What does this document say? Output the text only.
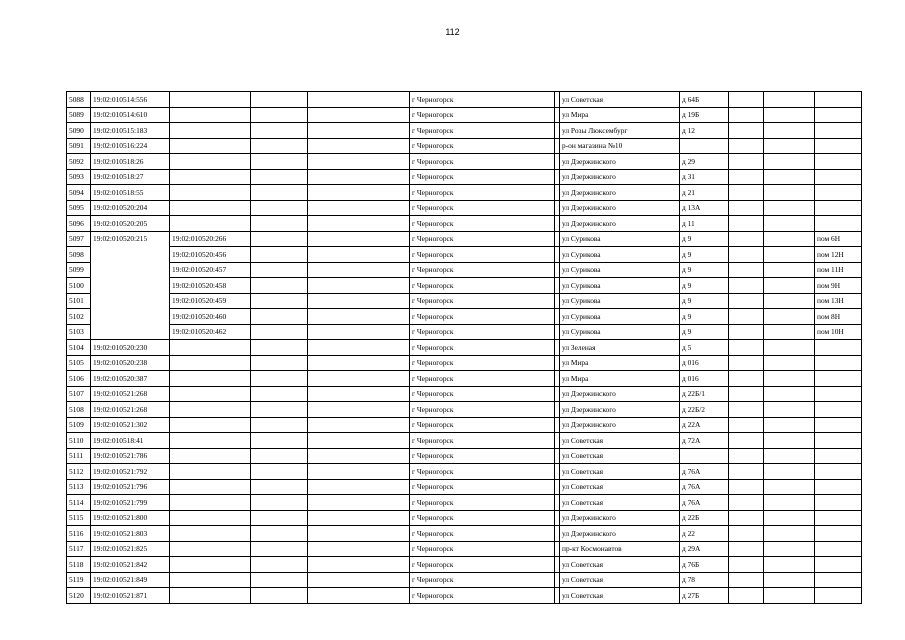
112
5088	19:02:010514:556				г Черногорск		ул Советская	д 64Б			
5089	19:02:010514:610				г Черногорск		ул Мира	д 19Б			
5090	19:02:010515:183				г Черногорск		ул Розы Люксембург	д 12			
5091	19:02:010516:224				г Черногорск		р-он магазина №10				
5092	19:02:010518:26				г Черногорск		ул Дзержинского	д 29			
5093	19:02:010518:27				г Черногорск		ул Дзержинского	д 31			
5094	19:02:010518:55				г Черногорск		ул Дзержинского	д 21			
5095	19:02:010520:204				г Черногорск		ул Дзержинского	д 13А			
5096	19:02:010520:205				г Черногорск		ул Дзержинского	д 11			
5097	19:02:010520:215	19:02:010520:266			г Черногорск		ул Сурикова	д 9			пом 6Н
5098		19:02:010520:456			г Черногорск		ул Сурикова	д 9			пом 12Н
5099		19:02:010520:457			г Черногорск		ул Сурикова	д 9			пом 11Н
5100		19:02:010520:458			г Черногорск		ул Сурикова	д 9			пом 9Н
5101		19:02:010520:459			г Черногорск		ул Сурикова	д 9			пом 13Н
5102		19:02:010520:460			г Черногорск		ул Сурикова	д 9			пом 8Н
5103		19:02:010520:462			г Черногорск		ул Сурикова	д 9			пом 10Н
5104	19:02:010520:230				г Черногорск		ул Зеленая	д 5			
5105	19:02:010520:238				г Черногорск		ул Мира	д 016			
5106	19:02:010520:387				г Черногорск		ул Мира	д 016			
5107	19:02:010521:268				г Черногорск		ул Дзержинского	д 22Б/1			
5108	19:02:010521:268				г Черногорск		ул Дзержинского	д 22Б/2			
5109	19:02:010521:302				г Черногорск		ул Дзержинского	д 22А			
5110	19:02:010518:41				г Черногорск		ул Советская	д 72А			
5111	19:02:010521:786				г Черногорск		ул Советская				
5112	19:02:010521:792				г Черногорск		ул Советская	д 76А			
5113	19:02:010521:796				г Черногорск		ул Советская	д 76А			
5114	19:02:010521:799				г Черногорск		ул Советская	д 76А			
5115	19:02:010521:800				г Черногорск		ул Дзержинского	д 22Б			
5116	19:02:010521:803				г Черногорск		ул Дзержинского	д 22			
5117	19:02:010521:825				г Черногорск		пр-кт Космонавтов	д 29А			
5118	19:02:010521:842				г Черногорск		ул Советская	д 76Б			
5119	19:02:010521:849				г Черногорск		ул Советская	д 78			
5120	19:02:010521:871				г Черногорск		ул Советская	д 27Б			
